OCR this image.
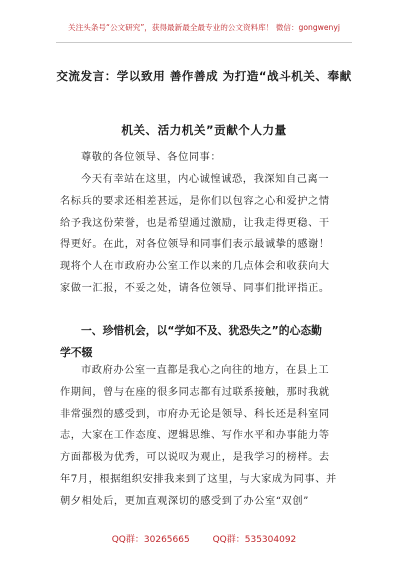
关注头条号“公文研究”，获得最新最全最专业的公文资料库！ 微信：gongwenyj
交流发言：学以致用 善作善成 为打造“战斗机关、奉献
机关、活力机关”贡献个人力量
尊敬的各位领导、各位同事：
今天有幸站在这里，内心诚惶诚恐，我深知自己离一
名标兵的要求还相差甚远，是你们以包容之心和爱护之情
给予我这份荣誉，也是希望通过激励，让我走得更稳、干
得更好。在此，对各位领导和同事们表示最诚挚的感谢！
现将个人在市政府办公室工作以来的几点体会和收获向大
家做一汇报，不妥之处，请各位领导、同事们批评指正。
一、珍惜机会，以“学如不及、犹恐失之”的心态勤
学不辍
市政府办公室一直都是我心之向往的地方，在县上工
作期间，曾与在座的很多同志都有过联系接触，那时我就
非常强烈的感受到，市府办无论是领导、科长还是科室同
志，大家在工作态度、逻辑思维、写作水平和办事能力等
方面都极为优秀，可以说叹为观止，是我学习的榜样。去
年7月，根据组织安排我来到了这里，与大家成为同事、并
朝夕相处后，更加直观深切的感受到了办公室“双创”
QQ群：30265665	QQ群：535304092
